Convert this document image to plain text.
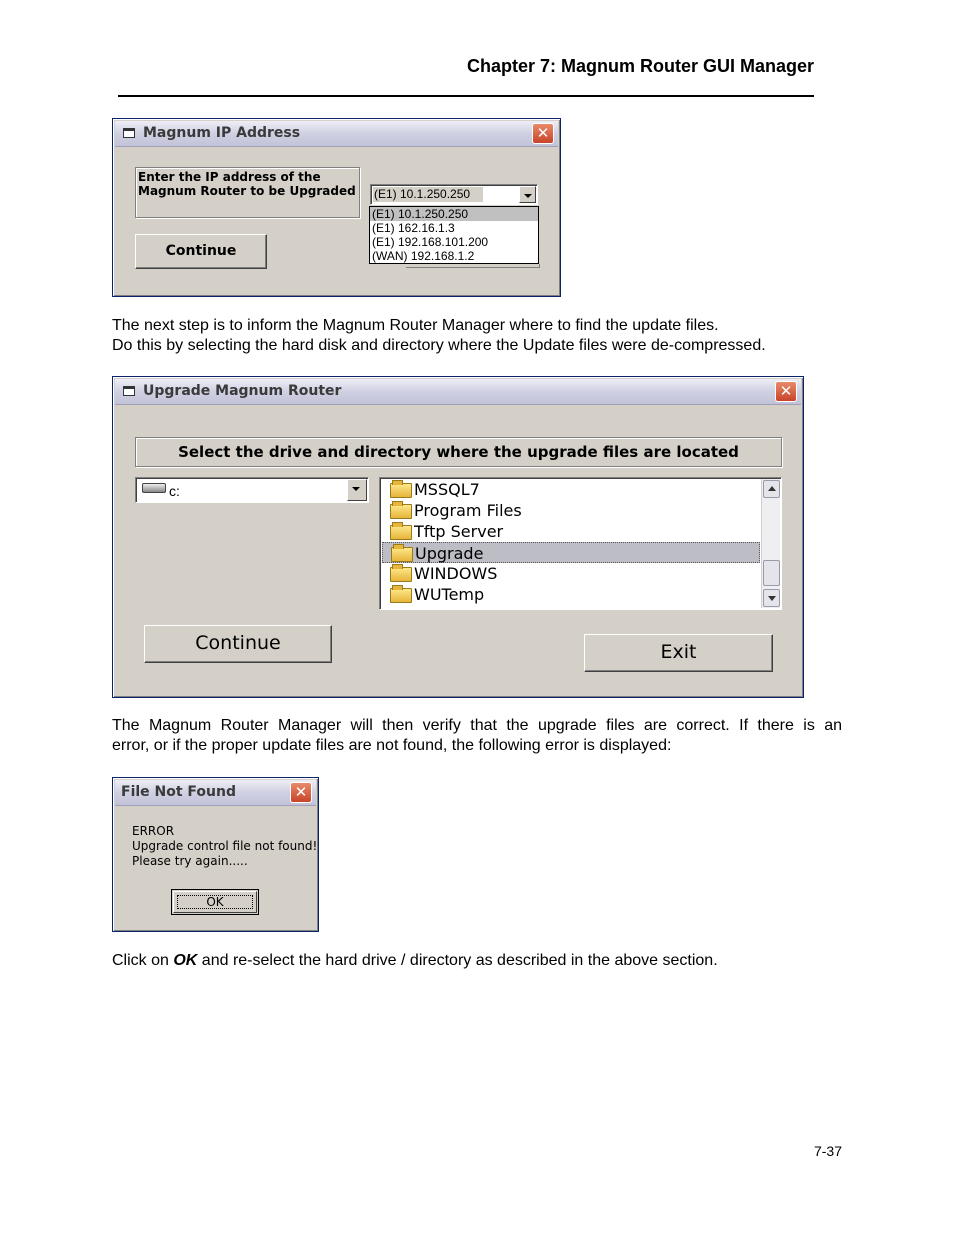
Chapter 7: Magnum Router GUI Manager
Magnum IP Address	✕
Enter the IP address of the
Magnum Router to be Upgraded
Continue
(E1) 10.1.250.250
(E1) 10.1.250.250
(E1) 162.16.1.3
(E1) 192.168.101.200
(WAN) 192.168.1.2
The next step is to inform the Magnum Router Manager where to find the update files.
Do this by selecting the hard disk and directory where the Update files were de-compressed.
Upgrade Magnum Router	✕
Select the drive and directory where the upgrade files are located
c:	MSSQL7
Program Files
Tftp Server
Upgrade
WINDOWS
WUTemp
Continue	Exit
The Magnum Router Manager will then verify that the upgrade files are correct. If there is an
error, or if the proper update files are not found, the following error is displayed:
File Not Found	✕
ERROR
Upgrade control file not found!
Please try again.....
OK
Click on OK and re-select the hard drive / directory as described in the above section.
7-37
